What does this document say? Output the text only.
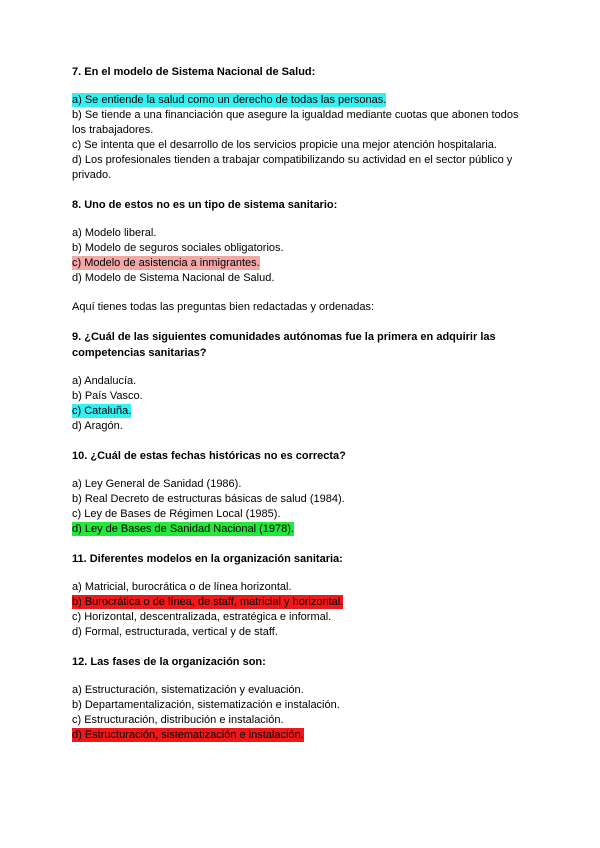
7. En el modelo de Sistema Nacional de Salud:

a) Se entiende la salud como un derecho de todas las personas.
b) Se tiende a una financiación que asegure la igualdad mediante cuotas que abonen todos los trabajadores.
c) Se intenta que el desarrollo de los servicios propicie una mejor atención hospitalaria.
d) Los profesionales tienden a trabajar compatibilizando su actividad en el sector público y privado.

8. Uno de estos no es un tipo de sistema sanitario:

a) Modelo liberal.
b) Modelo de seguros sociales obligatorios.
c) Modelo de asistencia a inmigrantes.
d) Modelo de Sistema Nacional de Salud.

Aquí tienes todas las preguntas bien redactadas y ordenadas:

9. ¿Cuál de las siguientes comunidades autónomas fue la primera en adquirir las competencias sanitarias?

a) Andalucía.
b) País Vasco.
c) Cataluña.
d) Aragón.

10. ¿Cuál de estas fechas históricas no es correcta?

a) Ley General de Sanidad (1986).
b) Real Decreto de estructuras básicas de salud (1984).
c) Ley de Bases de Régimen Local (1985).
d) Ley de Bases de Sanidad Nacional (1978).

11. Diferentes modelos en la organización sanitaria:

a) Matricial, burocrática o de línea horizontal.
b) Burocrática o de línea, de staff, matricial y horizontal.
c) Horizontal, descentralizada, estratégica e informal.
d) Formal, estructurada, vertical y de staff.

12. Las fases de la organización son:

a) Estructuración, sistematización y evaluación.
b) Departamentalización, sistematización e instalación.
c) Estructuración, distribución e instalación.
d) Estructuración, sistematización e instalación.
